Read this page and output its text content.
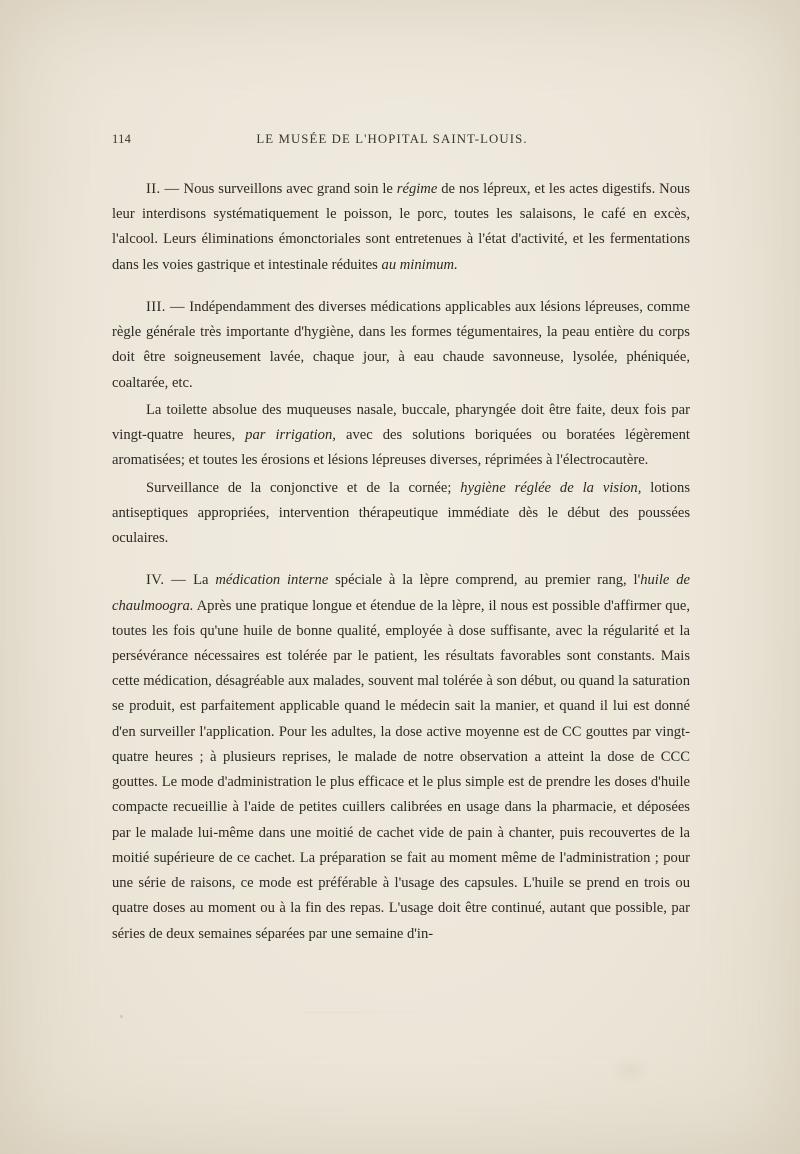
114	LE MUSÉE DE L'HOPITAL SAINT-LOUIS.

II. — Nous surveillons avec grand soin le régime de nos lépreux, et les actes digestifs. Nous leur interdisons systématiquement le poisson, le porc, toutes les salaisons, le café en excès, l'alcool. Leurs éliminations émonctoriales sont entretenues à l'état d'activité, et les fermentations dans les voies gastrique et intestinale réduites au minimum.

III. — Indépendamment des diverses médications applicables aux lésions lépreuses, comme règle générale très importante d'hygiène, dans les formes tégumentaires, la peau entière du corps doit être soigneusement lavée, chaque jour, à eau chaude savonneuse, lysolée, phéniquée, coaltarée, etc.

La toilette absolue des muqueuses nasale, buccale, pharyngée doit être faite, deux fois par vingt-quatre heures, par irrigation, avec des solutions boriquées ou boratées légèrement aromatisées; et toutes les érosions et lésions lépreuses diverses, réprimées à l'électrocautère.

Surveillance de la conjonctive et de la cornée; hygiène réglée de la vision, lotions antiseptiques appropriées, intervention thérapeutique immédiate dès le début des poussées oculaires.

IV. — La médication interne spéciale à la lèpre comprend, au premier rang, l'huile de chaulmoogra. Après une pratique longue et étendue de la lèpre, il nous est possible d'affirmer que, toutes les fois qu'une huile de bonne qualité, employée à dose suffisante, avec la régularité et la persévérance nécessaires est tolérée par le patient, les résultats favorables sont constants. Mais cette médication, désagréable aux malades, souvent mal tolérée à son début, ou quand la saturation se produit, est parfaitement applicable quand le médecin sait la manier, et quand il lui est donné d'en surveiller l'application. Pour les adultes, la dose active moyenne est de CC gouttes par vingt-quatre heures ; à plusieurs reprises, le malade de notre observation a atteint la dose de CCC gouttes. Le mode d'administration le plus efficace et le plus simple est de prendre les doses d'huile compacte recueillie à l'aide de petites cuillers calibrées en usage dans la pharmacie, et déposées par le malade lui-même dans une moitié de cachet vide de pain à chanter, puis recouvertes de la moitié supérieure de ce cachet. La préparation se fait au moment même de l'administration ; pour une série de raisons, ce mode est préférable à l'usage des capsules. L'huile se prend en trois ou quatre doses au moment ou à la fin des repas. L'usage doit être continué, autant que possible, par séries de deux semaines séparées par une semaine d'in-
